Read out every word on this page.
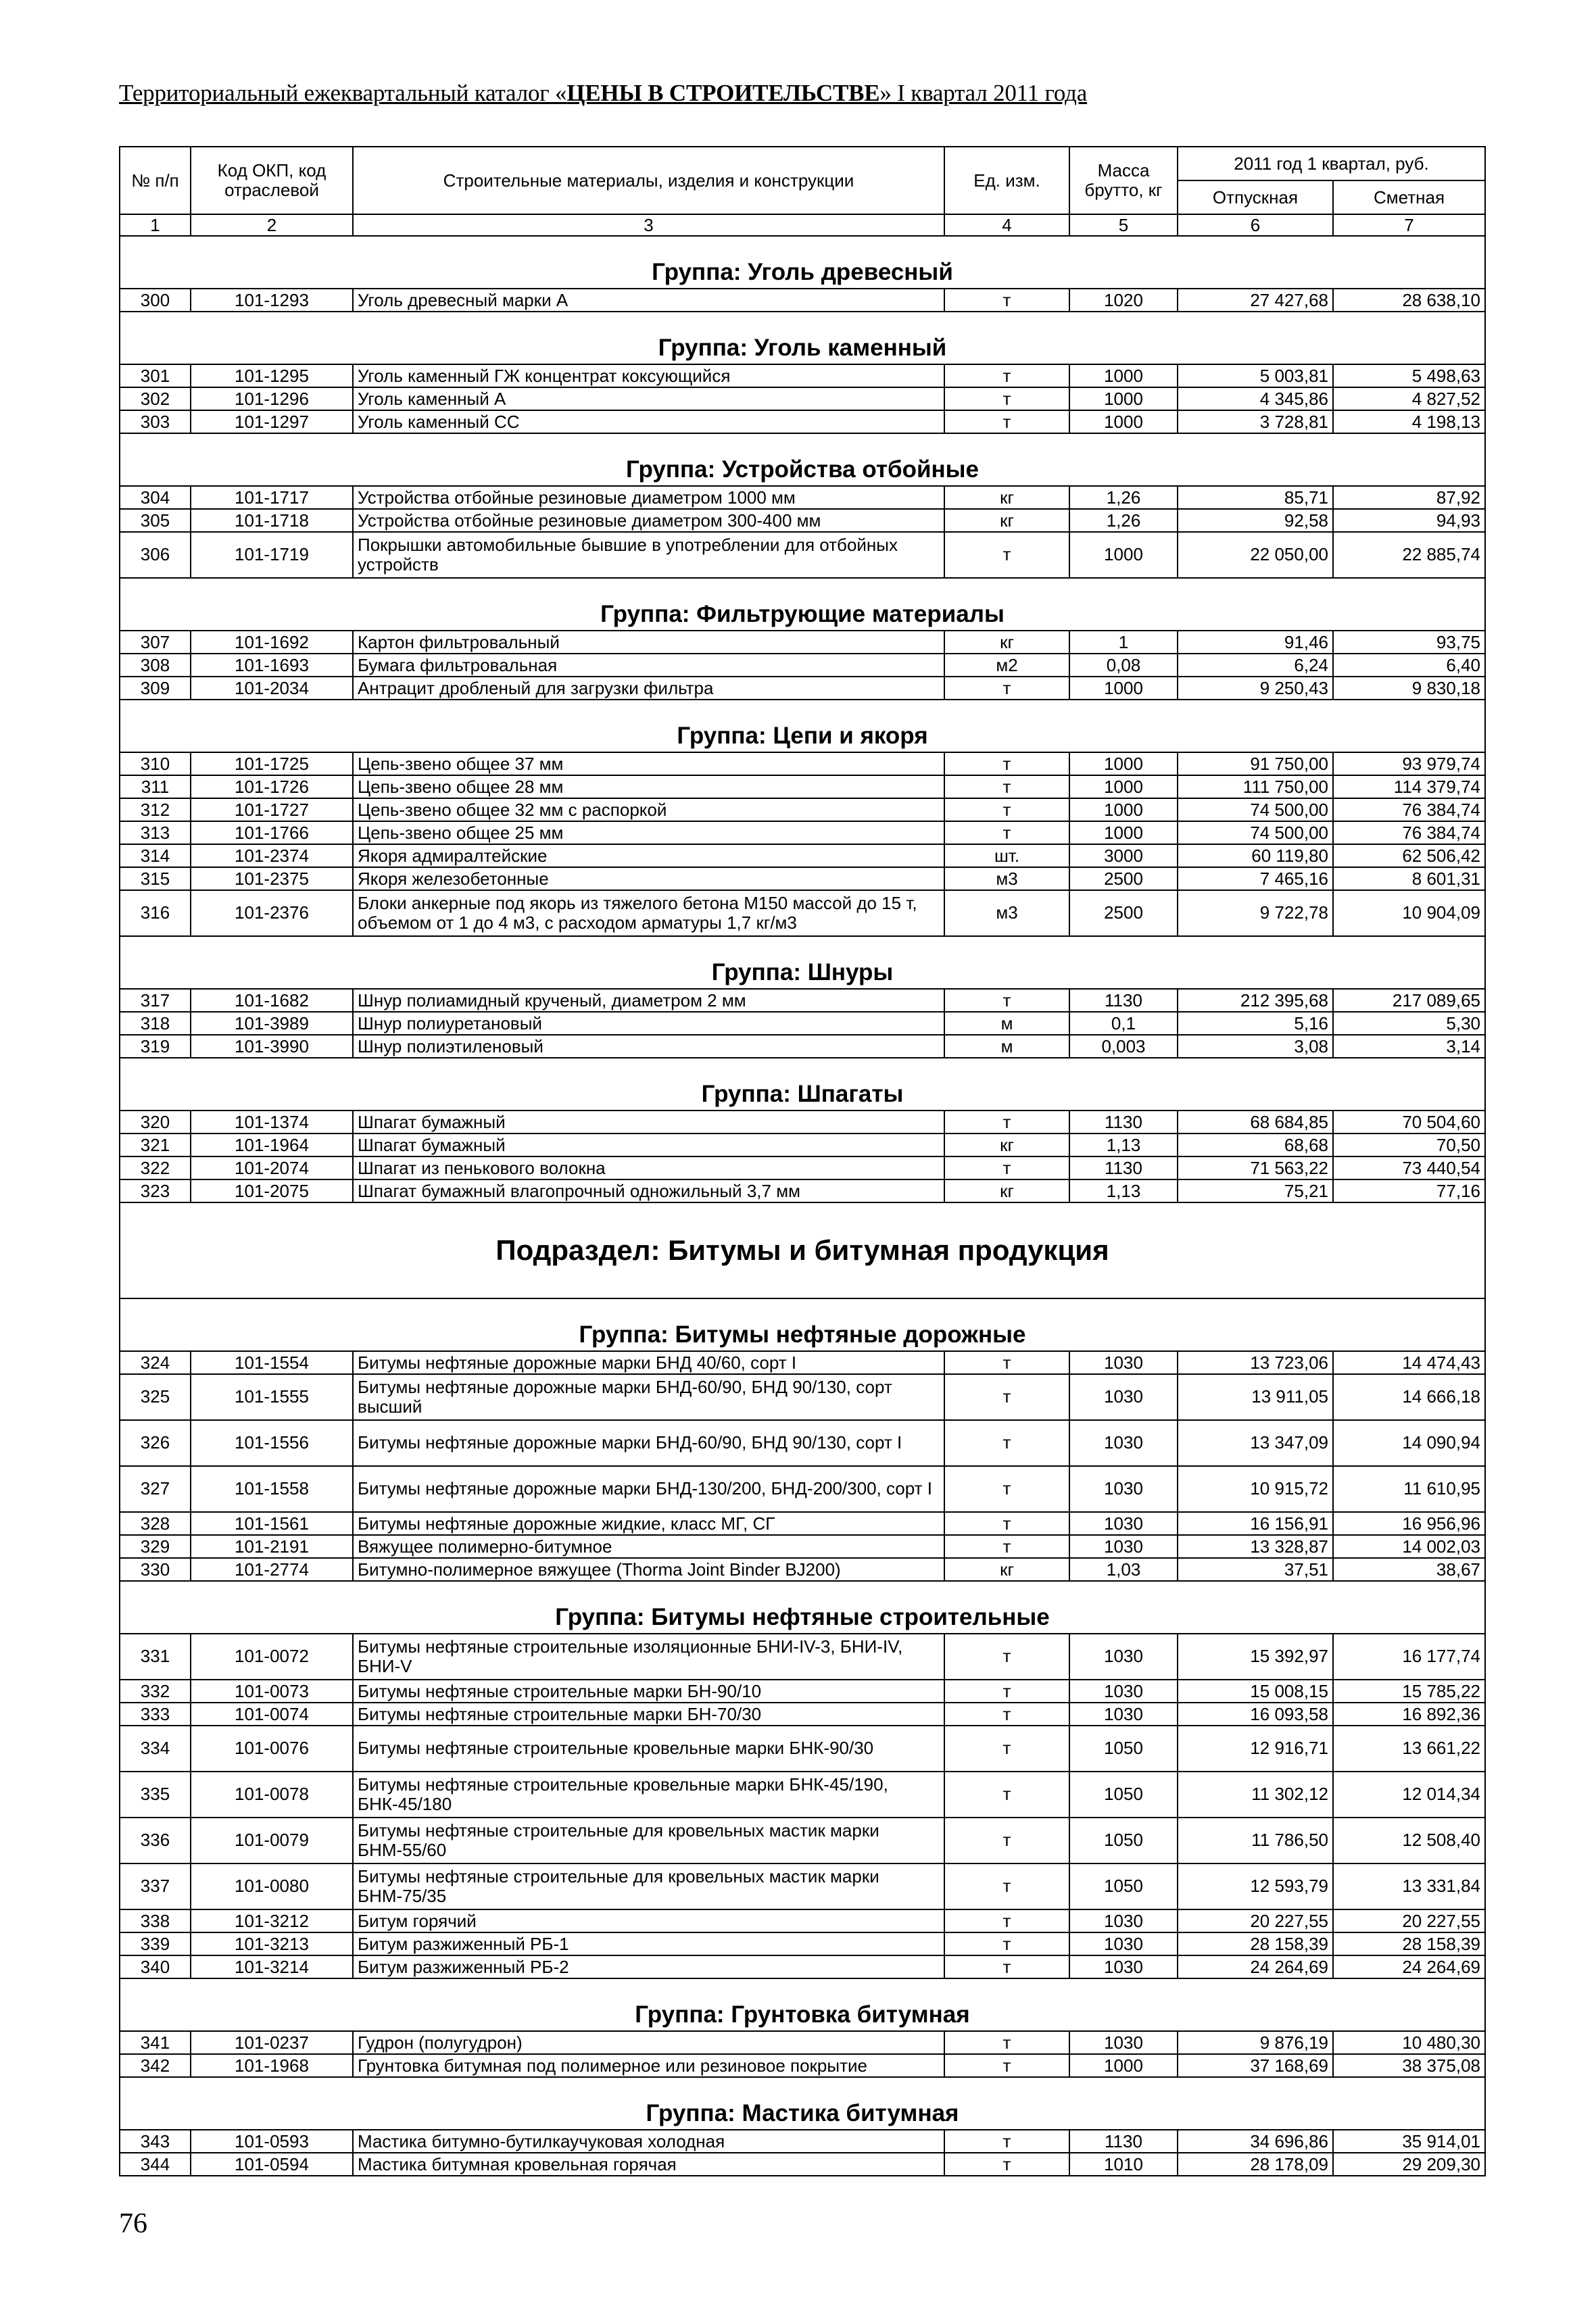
Территориальный ежеквартальный каталог «ЦЕНЫ В СТРОИТЕЛЬСТВЕ» I квартал 2011 года
№ п/п	Код ОКП, код отраслевой	Строительные материалы, изделия и конструкции	Ед. изм.	Масса брутто, кг	2011 год 1 квартал, руб.	
					Отпускная	Сметная
1	2	3	4	5	6	7
Группа: Уголь древесный						
300	101-1293	Уголь древесный марки А	т	1020	27 427,68	28 638,10
Группа: Уголь каменный						
301	101-1295	Уголь каменный ГЖ концентрат коксующийся	т	1000	5 003,81	5 498,63
302	101-1296	Уголь каменный А	т	1000	4 345,86	4 827,52
303	101-1297	Уголь каменный СС	т	1000	3 728,81	4 198,13
Группа: Устройства отбойные						
304	101-1717	Устройства отбойные резиновые диаметром 1000 мм	кг	1,26	85,71	87,92
305	101-1718	Устройства отбойные резиновые диаметром 300-400 мм	кг	1,26	92,58	94,93
306	101-1719	Покрышки автомобильные бывшие в употреблении для отбойных устройств	т	1000	22 050,00	22 885,74
Группа: Фильтрующие материалы						
307	101-1692	Картон фильтровальный	кг	1	91,46	93,75
308	101-1693	Бумага фильтровальная	м2	0,08	6,24	6,40
309	101-2034	Антрацит дробленый для загрузки фильтра	т	1000	9 250,43	9 830,18
Группа: Цепи и якоря						
310	101-1725	Цепь-звено общее 37 мм	т	1000	91 750,00	93 979,74
311	101-1726	Цепь-звено общее 28 мм	т	1000	111 750,00	114 379,74
312	101-1727	Цепь-звено общее 32 мм с распоркой	т	1000	74 500,00	76 384,74
313	101-1766	Цепь-звено общее 25 мм	т	1000	74 500,00	76 384,74
314	101-2374	Якоря адмиралтейские	шт.	3000	60 119,80	62 506,42
315	101-2375	Якоря железобетонные	м3	2500	7 465,16	8 601,31
316	101-2376	Блоки анкерные под якорь из тяжелого бетона М150 массой до 15 т, объемом от 1 до 4 м3, с расходом арматуры 1,7 кг/м3	м3	2500	9 722,78	10 904,09
Группа: Шнуры						
317	101-1682	Шнур полиамидный крученый, диаметром 2 мм	т	1130	212 395,68	217 089,65
318	101-3989	Шнур полиуретановый	м	0,1	5,16	5,30
319	101-3990	Шнур полиэтиленовый	м	0,003	3,08	3,14
Группа: Шпагаты						
320	101-1374	Шпагат бумажный	т	1130	68 684,85	70 504,60
321	101-1964	Шпагат бумажный	кг	1,13	68,68	70,50
322	101-2074	Шпагат из пенькового волокна	т	1130	71 563,22	73 440,54
323	101-2075	Шпагат бумажный влагопрочный одножильный 3,7 мм	кг	1,13	75,21	77,16
Подраздел: Битумы и битумная продукция						
Группа: Битумы нефтяные дорожные						
324	101-1554	Битумы нефтяные дорожные марки БНД 40/60, сорт I	т	1030	13 723,06	14 474,43
325	101-1555	Битумы нефтяные дорожные марки БНД-60/90, БНД 90/130, сорт высший	т	1030	13 911,05	14 666,18
326	101-1556	Битумы нефтяные дорожные марки БНД-60/90, БНД 90/130, сорт I	т	1030	13 347,09	14 090,94
327	101-1558	Битумы нефтяные дорожные марки БНД-130/200, БНД-200/300, сорт I	т	1030	10 915,72	11 610,95
328	101-1561	Битумы нефтяные дорожные жидкие, класс МГ, СГ	т	1030	16 156,91	16 956,96
329	101-2191	Вяжущее полимерно-битумное	т	1030	13 328,87	14 002,03
330	101-2774	Битумно-полимерное вяжущее (Thorma Joint Binder BJ200)	кг	1,03	37,51	38,67
Группа: Битумы нефтяные строительные						
331	101-0072	Битумы нефтяные строительные изоляционные БНИ-IV-3, БНИ-IV, БНИ-V	т	1030	15 392,97	16 177,74
332	101-0073	Битумы нефтяные строительные марки БН-90/10	т	1030	15 008,15	15 785,22
333	101-0074	Битумы нефтяные строительные марки БН-70/30	т	1030	16 093,58	16 892,36
334	101-0076	Битумы нефтяные строительные кровельные марки БНК-90/30	т	1050	12 916,71	13 661,22
335	101-0078	Битумы нефтяные строительные кровельные марки БНК-45/190, БНК-45/180	т	1050	11 302,12	12 014,34
336	101-0079	Битумы нефтяные строительные для кровельных мастик марки БНМ-55/60	т	1050	11 786,50	12 508,40
337	101-0080	Битумы нефтяные строительные для кровельных мастик марки БНМ-75/35	т	1050	12 593,79	13 331,84
338	101-3212	Битум горячий	т	1030	20 227,55	20 227,55
339	101-3213	Битум разжиженный РБ-1	т	1030	28 158,39	28 158,39
340	101-3214	Битум разжиженный РБ-2	т	1030	24 264,69	24 264,69
Группа: Грунтовка битумная						
341	101-0237	Гудрон (полугудрон)	т	1030	9 876,19	10 480,30
342	101-1968	Грунтовка битумная под полимерное или резиновое покрытие	т	1000	37 168,69	38 375,08
Группа: Мастика битумная						
343	101-0593	Мастика битумно-бутилкаучуковая холодная	т	1130	34 696,86	35 914,01
344	101-0594	Мастика битумная кровельная горячая	т	1010	28 178,09	29 209,30
76
